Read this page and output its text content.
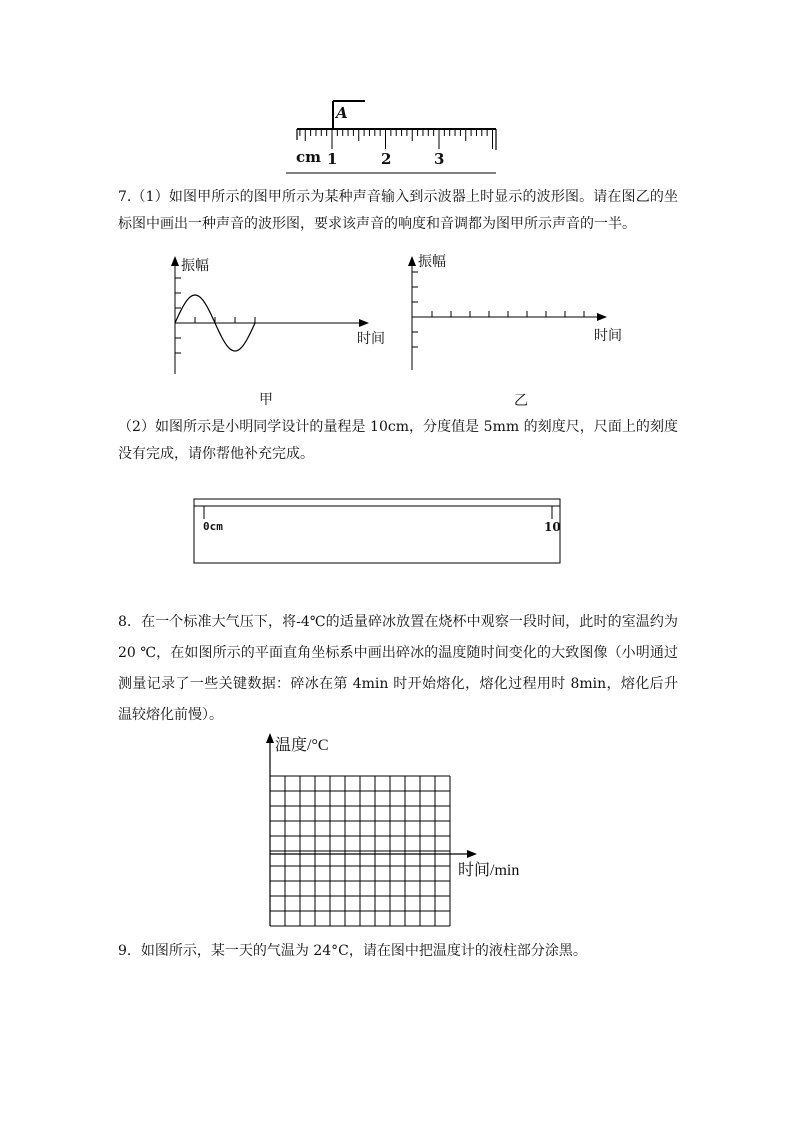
A
cm 1	2	3

7.（1）如图甲所示的图甲所示为某种声音输入到示波器上时显示的波形图。请在图乙的坐标图中画出一种声音的波形图，要求该声音的响度和音调都为图甲所示声音的一半。

振幅
时间
甲
振幅
时间
乙

（2）如图所示是小明同学设计的量程是 10cm，分度值是 5mm 的刻度尺，尺面上的刻度没有完成，请你帮他补充完成。

0cm	10

8．在一个标准大气压下，将-4℃的适量碎冰放置在烧杯中观察一段时间，此时的室温约为 20 ℃，在如图所示的平面直角坐标系中画出碎冰的温度随时间变化的大致图像（小明通过测量记录了一些关键数据：碎冰在第 4min 时开始熔化，熔化过程用时 8min，熔化后升温较熔化前慢）。

温度/°C
时间/min

9．如图所示，某一天的气温为 24°C，请在图中把温度计的液柱部分涂黑。
